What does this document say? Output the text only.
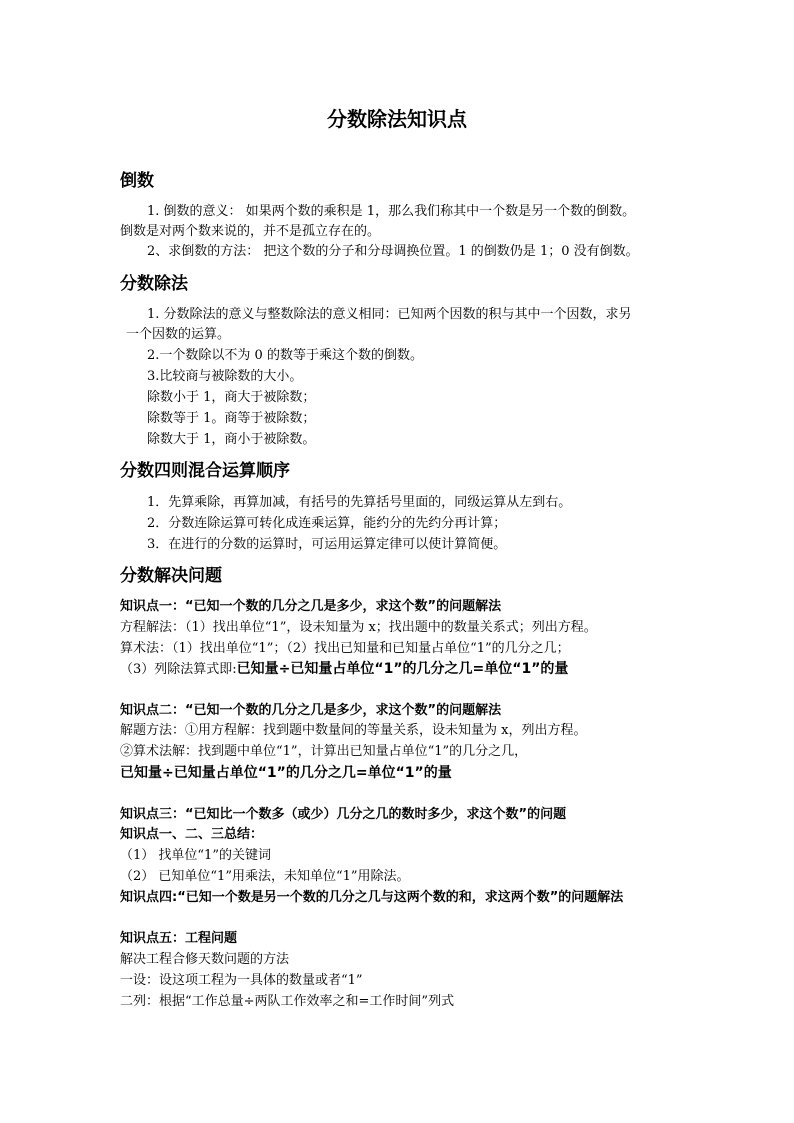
分数除法知识点
倒数
1. 倒数的意义： 如果两个数的乘积是 1，那么我们称其中一个数是另一个数的倒数。
倒数是对两个数来说的，并不是孤立存在的。
2、求倒数的方法： 把这个数的分子和分母调换位置。1 的倒数仍是 1；0 没有倒数。
分数除法
1. 分数除法的意义与整数除法的意义相同：已知两个因数的积与其中一个因数，求另
一个因数的运算。
2.一个数除以不为 0 的数等于乘这个数的倒数。
3.比较商与被除数的大小。
除数小于 1，商大于被除数；
除数等于 1。商等于被除数；
除数大于 1，商小于被除数。
分数四则混合运算顺序
1．先算乘除，再算加减，有括号的先算括号里面的，同级运算从左到右。
2．分数连除运算可转化成连乘运算，能约分的先约分再计算；
3．在进行的分数的运算时，可运用运算定律可以使计算简便。
分数解决问题
知识点一：“已知一个数的几分之几是多少，求这个数”的问题解法
方程解法：（1）找出单位“1”，设未知量为 x；找出题中的数量关系式；列出方程。
算术法：（1）找出单位“1”；（2）找出已知量和已知量占单位“1”的几分之几；
（3）列除法算式即:已知量÷已知量占单位“1”的几分之几=单位“1”的量
知识点二：“已知一个数的几分之几是多少，求这个数”的问题解法
解题方法：①用方程解：找到题中数量间的等量关系，设未知量为 x，列出方程。
②算术法解：找到题中单位“1”，计算出已知量占单位“1”的几分之几，
已知量÷已知量占单位“1”的几分之几=单位“1”的量
知识点三：“已知比一个数多（或少）几分之几的数时多少，求这个数”的问题
知识点一、二、三总结：
（1） 找单位“1”的关键词
（2） 已知单位“1”用乘法，未知单位“1”用除法。
知识点四:“已知一个数是另一个数的几分之几与这两个数的和，求这两个数”的问题解法
知识点五：工程问题
解决工程合修天数问题的方法
一设：设这项工程为一具体的数量或者“1”
二列：根据“工作总量÷两队工作效率之和=工作时间”列式
